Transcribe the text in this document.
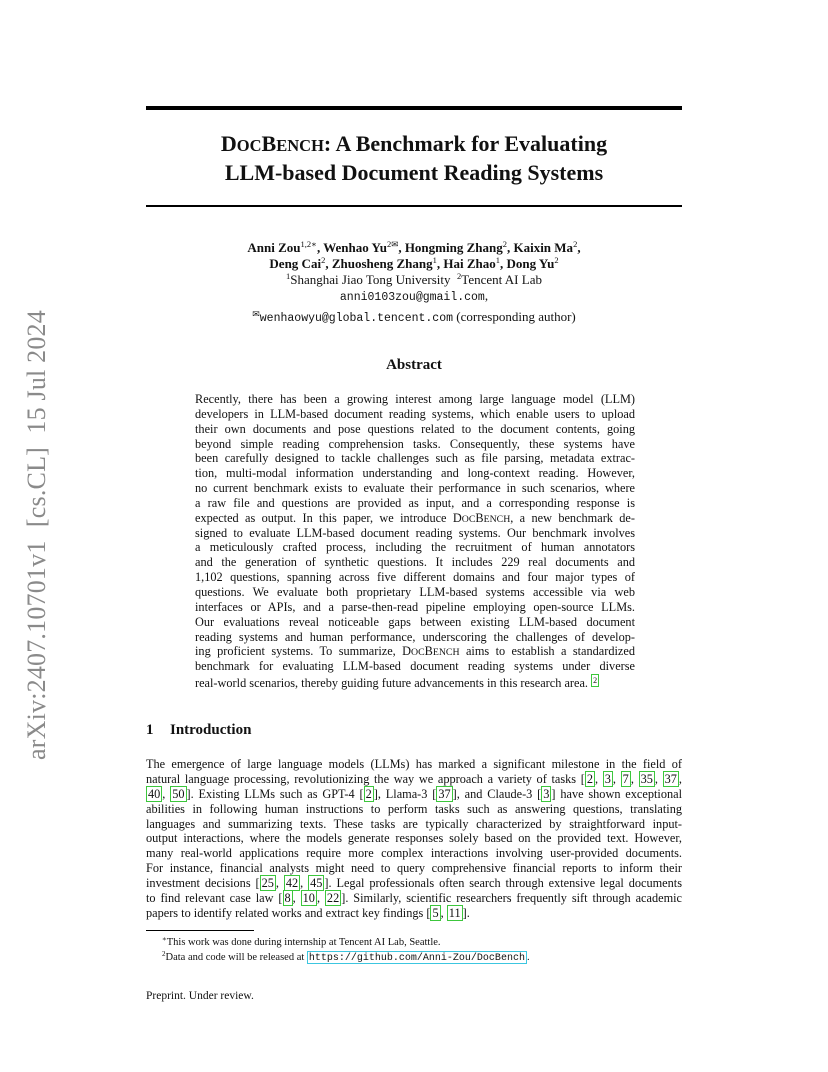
arXiv:2407.10701v1  [cs.CL]  15 Jul 2024
DOCBENCH: A Benchmark for Evaluating
LLM-based Document Reading Systems
Anni Zou$^{1,2∗}$, Wenhao $Yu^{2✉}$, Hongming Zhang$^2$, Kaixin Ma$^2$,
Deng Cai$^2$, Zhuosheng Zhang$^1$, Hai Zhao$^1$, Dong Yu$^2$
$^1$Shanghai Jiao Tong University $^2$Tencent AI Lab
anni0103zou@gmail.com,
✉wenhaowyu@global.tencent.com (corresponding author)
Abstract
Recently, there has been a growing interest among large language model (LLM)
developers in LLM-based document reading systems, which enable users to upload
their own documents and pose questions related to the document contents, going
beyond simple reading comprehension tasks. Consequently, these systems have
been carefully designed to tackle challenges such as file parsing, metadata extrac-
tion, multi-modal information understanding and long-context reading. However,
no current benchmark exists to evaluate their performance in such scenarios, where
a raw file and questions are provided as input, and a corresponding response is
expected as output. In this paper, we introduce DOCBENCH, a new benchmark de-
signed to evaluate LLM-based document reading systems. Our benchmark involves
a meticulously crafted process, including the recruitment of human annotators
and the generation of synthetic questions. It includes 229 real documents and
1,102 questions, spanning across five different domains and four major types of
questions. We evaluate both proprietary LLM-based systems accessible via web
interfaces or APIs, and a parse-then-read pipeline employing open-source LLMs.
Our evaluations reveal noticeable gaps between existing LLM-based document
reading systems and human performance, underscoring the challenges of develop-
ing proficient systems. To summarize, DOCBENCH aims to establish a standardized
benchmark for evaluating LLM-based document reading systems under diverse
real-world scenarios, thereby guiding future advancements in this research area. 2
1 Introduction
The emergence of large language models (LLMs) has marked a significant milestone in the field of
natural language processing, revolutionizing the way we approach a variety of tasks [ 2 , 3 , 7 , 35 , 37 ,
40 , 50 ]. Existing LLMs such as GPT-4 [ 2 ], Llama-3 [ 37 ], and Claude-3 [ 3 ] have shown exceptional
abilities in following human instructions to perform tasks such as answering questions, translating
languages and summarizing texts. These tasks are typically characterized by straightforward input-
output interactions, where the models generate responses solely based on the provided text. However,
many real-world applications require more complex interactions involving user-provided documents.
For instance, financial analysts might need to query comprehensive financial reports to inform their
investment decisions [ 25 , 42 , 45 ]. Legal professionals often search through extensive legal documents
to find relevant case law [ 8 , 10 , 22 ]. Similarly, scientific researchers frequently sift through academic
papers to identify related works and extract key findings [ 5 , 11 ].
∗This work was done during internship at Tencent AI Lab, Seattle.
$^2$Data and code will be released at https://github.com/Anni-Zou/DocBench .
Preprint. Under review.
